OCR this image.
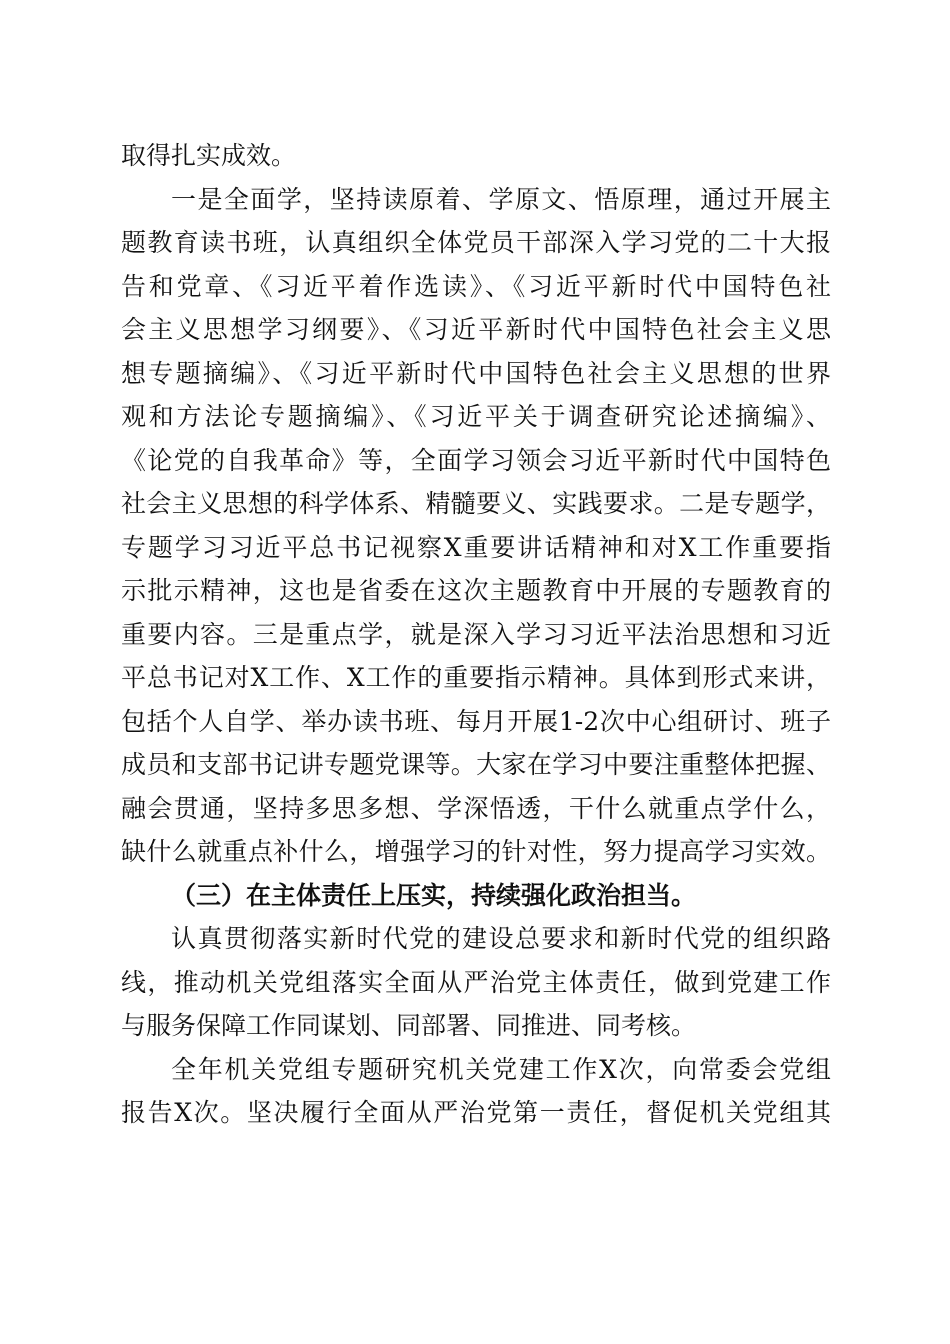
取得扎实成效。
一是全面学，坚持读原着、学原文、悟原理，通过开展主
题教育读书班，认真组织全体党员干部深入学习党的二十大报
告和党章、《习近平着作选读》、《习近平新时代中国特色社
会主义思想学习纲要》、《习近平新时代中国特色社会主义思
想专题摘编》、《习近平新时代中国特色社会主义思想的世界
观和方法论专题摘编》、《习近平关于调查研究论述摘编》、
《论党的自我革命》等，全面学习领会习近平新时代中国特色
社会主义思想的科学体系、精髓要义、实践要求。二是专题学，
专题学习习近平总书记视察X重要讲话精神和对X工作重要指
示批示精神，这也是省委在这次主题教育中开展的专题教育的
重要内容。三是重点学，就是深入学习习近平法治思想和习近
平总书记对X工作、X工作的重要指示精神。具体到形式来讲，
包括个人自学、举办读书班、每月开展1-2次中心组研讨、班子
成员和支部书记讲专题党课等。大家在学习中要注重整体把握、
融会贯通，坚持多思多想、学深悟透，干什么就重点学什么，
缺什么就重点补什么，增强学习的针对性，努力提高学习实效。
（三）在主体责任上压实，持续强化政治担当。
认真贯彻落实新时代党的建设总要求和新时代党的组织路
线，推动机关党组落实全面从严治党主体责任，做到党建工作
与服务保障工作同谋划、同部署、同推进、同考核。
全年机关党组专题研究机关党建工作X次，向常委会党组
报告X次。坚决履行全面从严治党第一责任，督促机关党组其
